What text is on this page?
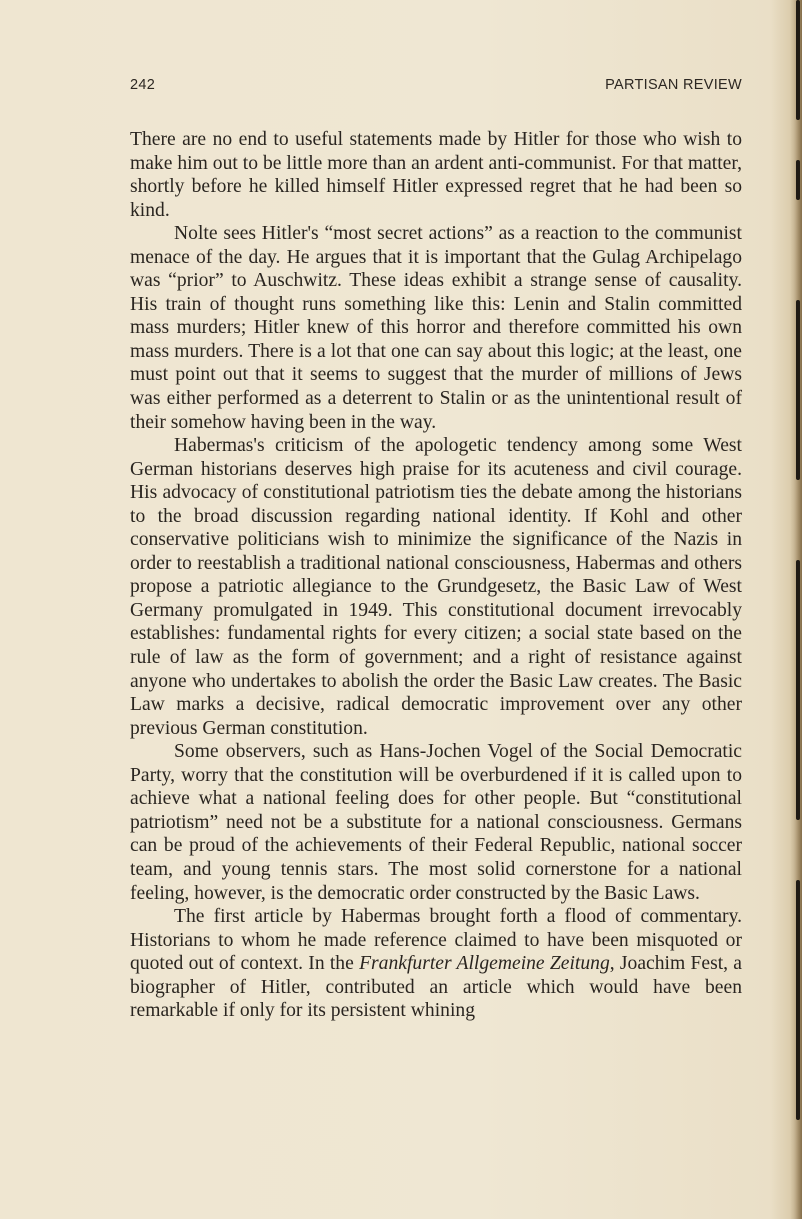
242	PARTISAN REVIEW

There are no end to useful statements made by Hitler for those who wish to make him out to be little more than an ardent anti-communist. For that matter, shortly before he killed himself Hitler expressed regret that he had been so kind.

Nolte sees Hitler's “most secret actions” as a reaction to the communist menace of the day. He argues that it is important that the Gulag Archipelago was “prior” to Auschwitz. These ideas exhibit a strange sense of causality. His train of thought runs something like this: Lenin and Stalin committed mass murders; Hitler knew of this horror and therefore committed his own mass murders. There is a lot that one can say about this logic; at the least, one must point out that it seems to suggest that the murder of millions of Jews was either performed as a deterrent to Stalin or as the unintentional result of their somehow having been in the way.

Habermas's criticism of the apologetic tendency among some West German historians deserves high praise for its acuteness and civil courage. His advocacy of constitutional patriotism ties the debate among the historians to the broad discussion regarding national identity. If Kohl and other conservative politicians wish to minimize the significance of the Nazis in order to reestablish a traditional national consciousness, Habermas and others propose a patriotic allegiance to the Grundgesetz, the Basic Law of West Germany promulgated in 1949. This constitutional document irrevocably establishes: fundamental rights for every citizen; a social state based on the rule of law as the form of government; and a right of resistance against anyone who undertakes to abolish the order the Basic Law creates. The Basic Law marks a decisive, radical democratic improvement over any other previous German constitution.

Some observers, such as Hans-Jochen Vogel of the Social Democratic Party, worry that the constitution will be overburdened if it is called upon to achieve what a national feeling does for other people. But “constitutional patriotism” need not be a substitute for a national consciousness. Germans can be proud of the achievements of their Federal Republic, national soccer team, and young tennis stars. The most solid cornerstone for a national feeling, however, is the democratic order constructed by the Basic Laws.

The first article by Habermas brought forth a flood of commentary. Historians to whom he made reference claimed to have been misquoted or quoted out of context. In the Frankfurter Allgemeine Zeitung, Joachim Fest, a biographer of Hitler, contributed an article which would have been remarkable if only for its persistent whining
